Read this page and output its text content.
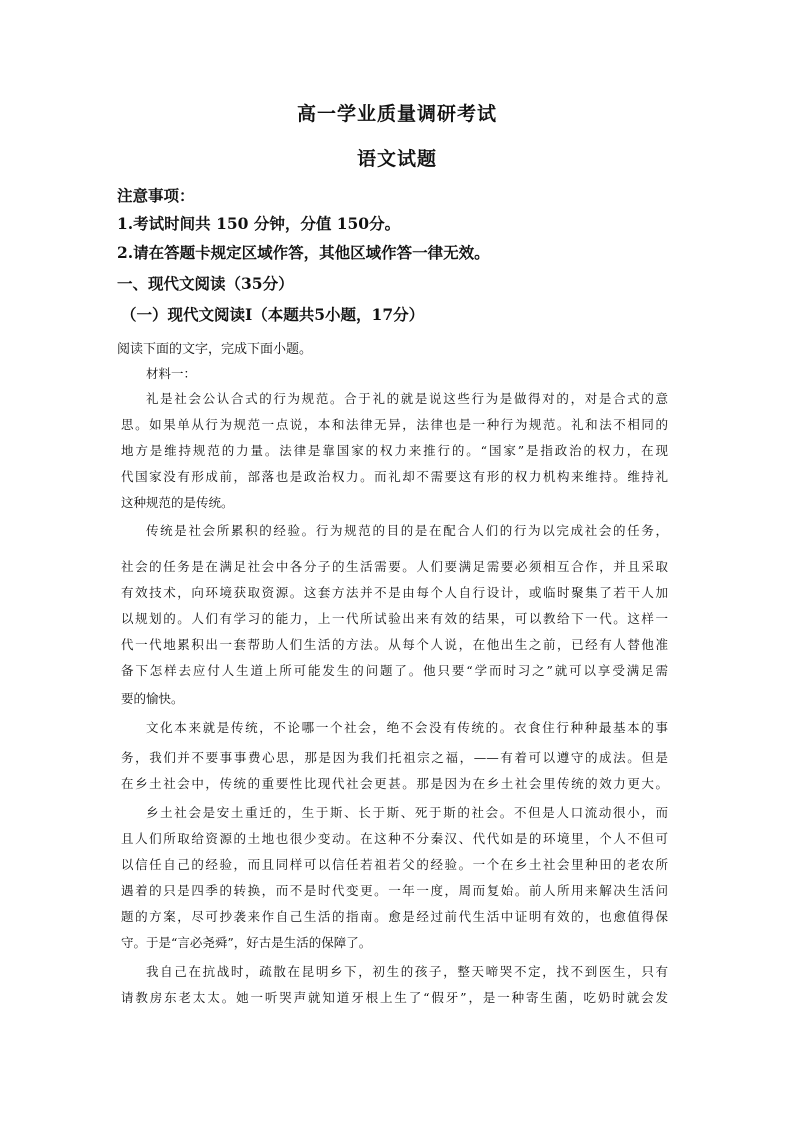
高一学业质量调研考试
语文试题
注意事项：
1.考试时间共 150 分钟，分值 150分。
2.请在答题卡规定区域作答，其他区域作答一律无效。
一、现代文阅读（35分）
（一）现代文阅读Ⅰ（本题共5小题，17分）
阅读下面的文字，完成下面小题。
材料一：
礼是社会公认合式的行为规范。合于礼的就是说这些行为是做得对的，对是合式的意
思。如果单从行为规范一点说，本和法律无异，法律也是一种行为规范。礼和法不相同的
地方是维持规范的力量。法律是靠国家的权力来推行的。“国家”是指政治的权力，在现
代国家没有形成前，部落也是政治权力。而礼却不需要这有形的权力机构来维持。维持礼
这种规范的是传统。
传统是社会所累积的经验。行为规范的目的是在配合人们的行为以完成社会的任务，
社会的任务是在满足社会中各分子的生活需要。人们要满足需要必须相互合作，并且采取
有效技术，向环境获取资源。这套方法并不是由每个人自行设计，或临时聚集了若干人加
以规划的。人们有学习的能力，上一代所试验出来有效的结果，可以教给下一代。这样一
代一代地累积出一套帮助人们生活的方法。从每个人说，在他出生之前，已经有人替他准
备下怎样去应付人生道上所可能发生的问题了。他只要“学而时习之”就可以享受满足需
要的愉快。
文化本来就是传统，不论哪一个社会，绝不会没有传统的。衣食住行种种最基本的事
务，我们并不要事事费心思，那是因为我们托祖宗之福，——有着可以遵守的成法。但是
在乡土社会中，传统的重要性比现代社会更甚。那是因为在乡土社会里传统的效力更大。
乡土社会是安土重迁的，生于斯、长于斯、死于斯的社会。不但是人口流动很小，而
且人们所取给资源的土地也很少变动。在这种不分秦汉、代代如是的环境里，个人不但可
以信任自己的经验，而且同样可以信任若祖若父的经验。一个在乡土社会里种田的老农所
遇着的只是四季的转换，而不是时代变更。一年一度，周而复始。前人所用来解决生活问
题的方案，尽可抄袭来作自己生活的指南。愈是经过前代生活中证明有效的，也愈值得保
守。于是“言必尧舜”，好古是生活的保障了。
我自己在抗战时，疏散在昆明乡下，初生的孩子，整天啼哭不定，找不到医生，只有
请教房东老太太。她一听哭声就知道牙根上生了“假牙”，是一种寄生菌，吃奶时就会发
